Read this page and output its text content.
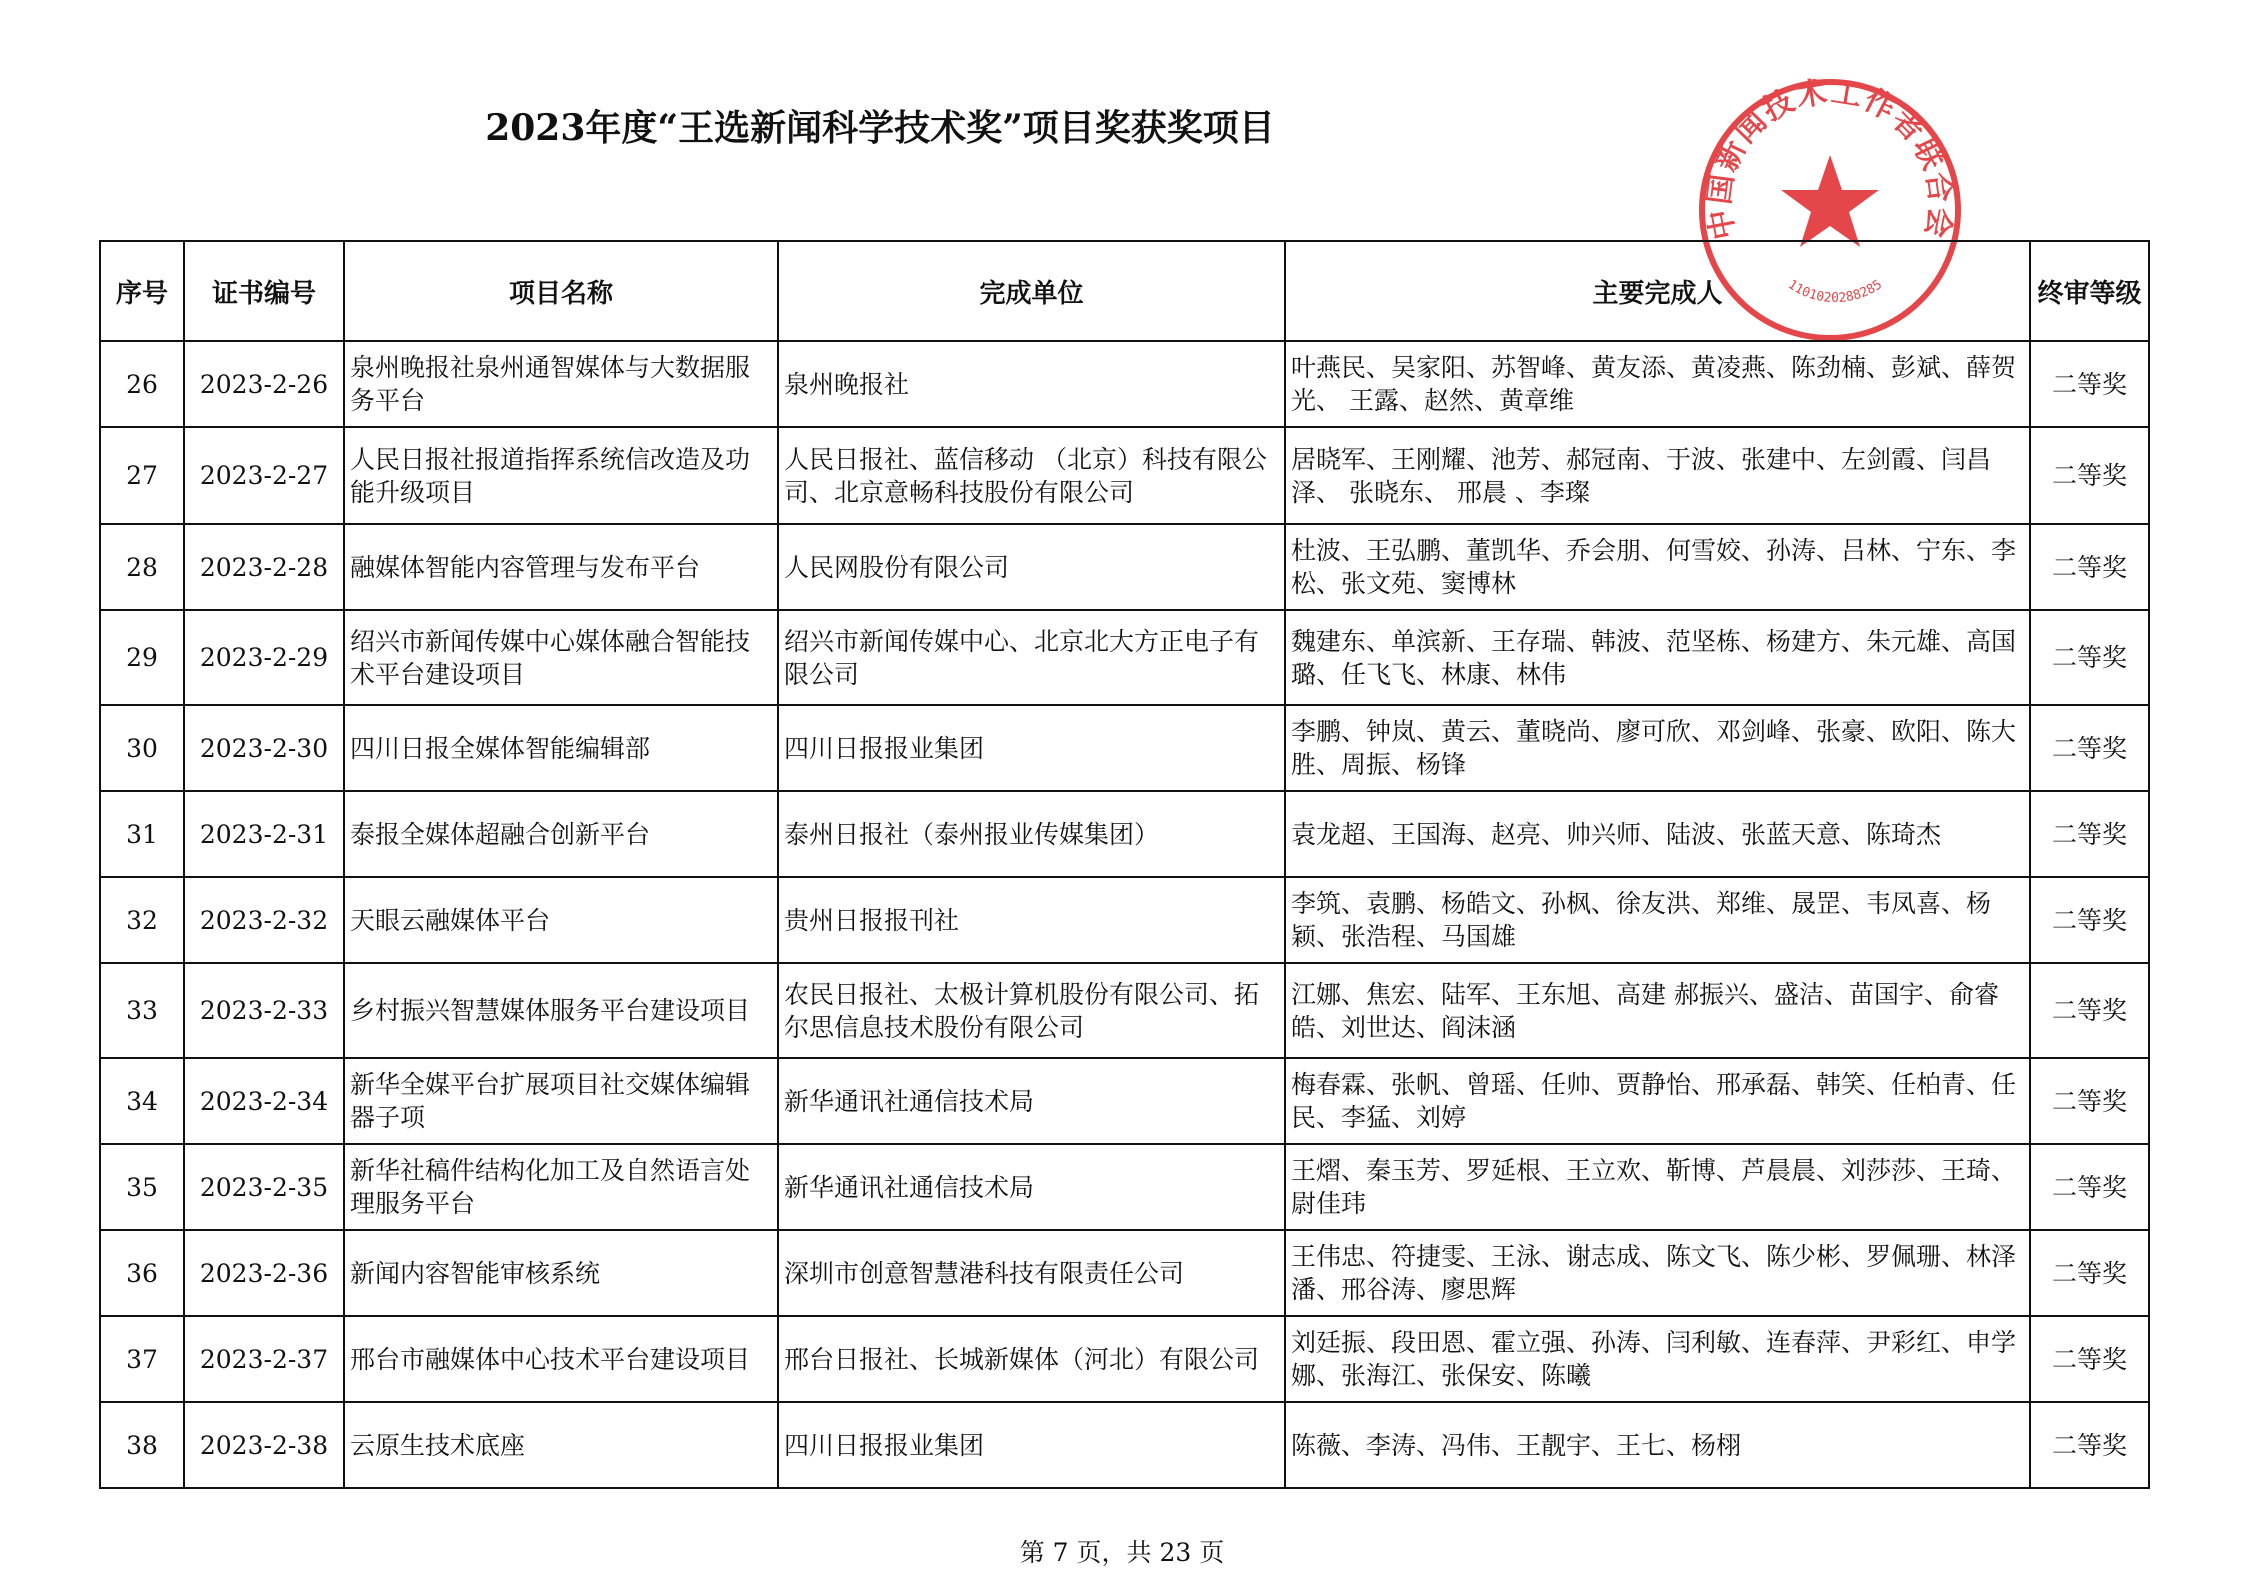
2023年度“王选新闻科学技术奖”项目奖获奖项目
中国新闻技术工作者联合会
1101020288285
序号	证书编号	项目名称	完成单位	主要完成人	终审等级
26	2023-2-26	泉州晚报社泉州通智媒体与大数据服务平台	泉州晚报社	叶燕民、吴家阳、苏智峰、黄友添、黄凌燕、陈劲楠、彭斌、薛贺光、 王露、赵然、黄章维	二等奖
27	2023-2-27	人民日报社报道指挥系统信改造及功能升级项目	人民日报社、蓝信移动 （北京）科技有限公司、北京意畅科技股份有限公司	居晓军、王刚耀、池芳、郝冠南、于波、张建中、左剑霞、闫昌泽、 张晓东、 邢晨 、李璨	二等奖
28	2023-2-28	融媒体智能内容管理与发布平台	人民网股份有限公司	杜波、王弘鹏、董凯华、乔会朋、何雪姣、孙涛、吕林、宁东、李松、张文苑、窦博林	二等奖
29	2023-2-29	绍兴市新闻传媒中心媒体融合智能技术平台建设项目	绍兴市新闻传媒中心、北京北大方正电子有限公司	魏建东、单滨新、王存瑞、韩波、范坚栋、杨建方、朱元雄、高国璐、任飞飞、林康、林伟	二等奖
30	2023-2-30	四川日报全媒体智能编辑部	四川日报报业集团	李鹏、钟岚、黄云、董晓尚、廖可欣、邓剑峰、张豪、欧阳、陈大胜、周振、杨锋	二等奖
31	2023-2-31	泰报全媒体超融合创新平台	泰州日报社（泰州报业传媒集团）	袁龙超、王国海、赵亮、帅兴师、陆波、张蓝天意、陈琦杰	二等奖
32	2023-2-32	天眼云融媒体平台	贵州日报报刊社	李筑、袁鹏、杨皓文、孙枫、徐友洪、郑维、晟罡、韦凤喜、杨颖、张浩程、马国雄	二等奖
33	2023-2-33	乡村振兴智慧媒体服务平台建设项目	农民日报社、太极计算机股份有限公司、拓尔思信息技术股份有限公司	江娜、焦宏、陆军、王东旭、高建 郝振兴、盛洁、苗国宇、俞睿皓、刘世达、阎沫涵	二等奖
34	2023-2-34	新华全媒平台扩展项目社交媒体编辑器子项	新华通讯社通信技术局	梅春霖、张帆、曾瑶、任帅、贾静怡、邢承磊、韩笑、任柏青、任民、李猛、刘婷	二等奖
35	2023-2-35	新华社稿件结构化加工及自然语言处理服务平台	新华通讯社通信技术局	王熠、秦玉芳、罗延根、王立欢、靳博、芦晨晨、刘莎莎、王琦、尉佳玮	二等奖
36	2023-2-36	新闻内容智能审核系统	深圳市创意智慧港科技有限责任公司	王伟忠、符捷雯、王泳、谢志成、陈文飞、陈少彬、罗佩珊、林泽潘、邢谷涛、廖思辉	二等奖
37	2023-2-37	邢台市融媒体中心技术平台建设项目	邢台日报社、长城新媒体（河北）有限公司	刘廷振、段田恩、霍立强、孙涛、闫利敏、连春萍、尹彩红、申学娜、张海江、张保安、陈曦	二等奖
38	2023-2-38	云原生技术底座	四川日报报业集团	陈薇、李涛、冯伟、王靓宇、王七、杨栩	二等奖
第 7 页，共 23 页
